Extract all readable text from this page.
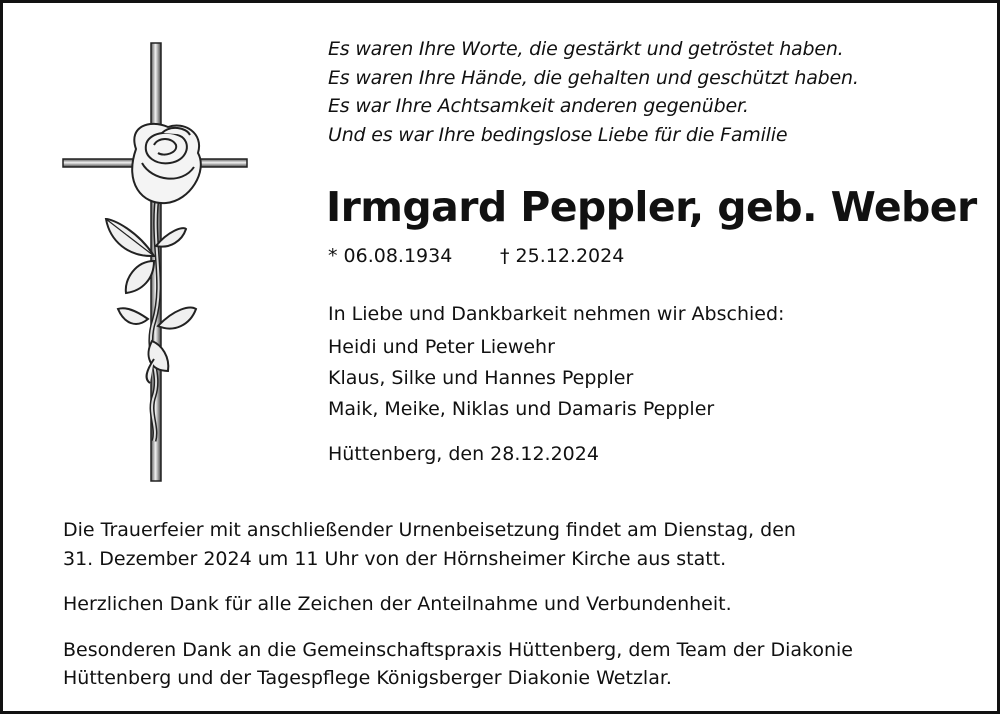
Es waren Ihre Worte, die gestärkt und getröstet haben.
Es waren Ihre Hände, die gehalten und geschützt haben.
Es war Ihre Achtsamkeit anderen gegenüber.
Und es war Ihre bedingslose Liebe für die Familie
Irmgard Peppler, geb. Weber
* 06.08.1934	† 25.12.2024
In Liebe und Dankbarkeit nehmen wir Abschied:
Heidi und Peter Liewehr
Klaus, Silke und Hannes Peppler
Maik, Meike, Niklas und Damaris Peppler
Hüttenberg, den 28.12.2024

Die Trauerfeier mit anschließender Urnenbeisetzung findet am Dienstag, den
31. Dezember 2024 um 11 Uhr von der Hörnsheimer Kirche aus statt.

Herzlichen Dank für alle Zeichen der Anteilnahme und Verbundenheit.

Besonderen Dank an die Gemeinschaftspraxis Hüttenberg, dem Team der Diakonie
Hüttenberg und der Tagespflege Königsberger Diakonie Wetzlar.
